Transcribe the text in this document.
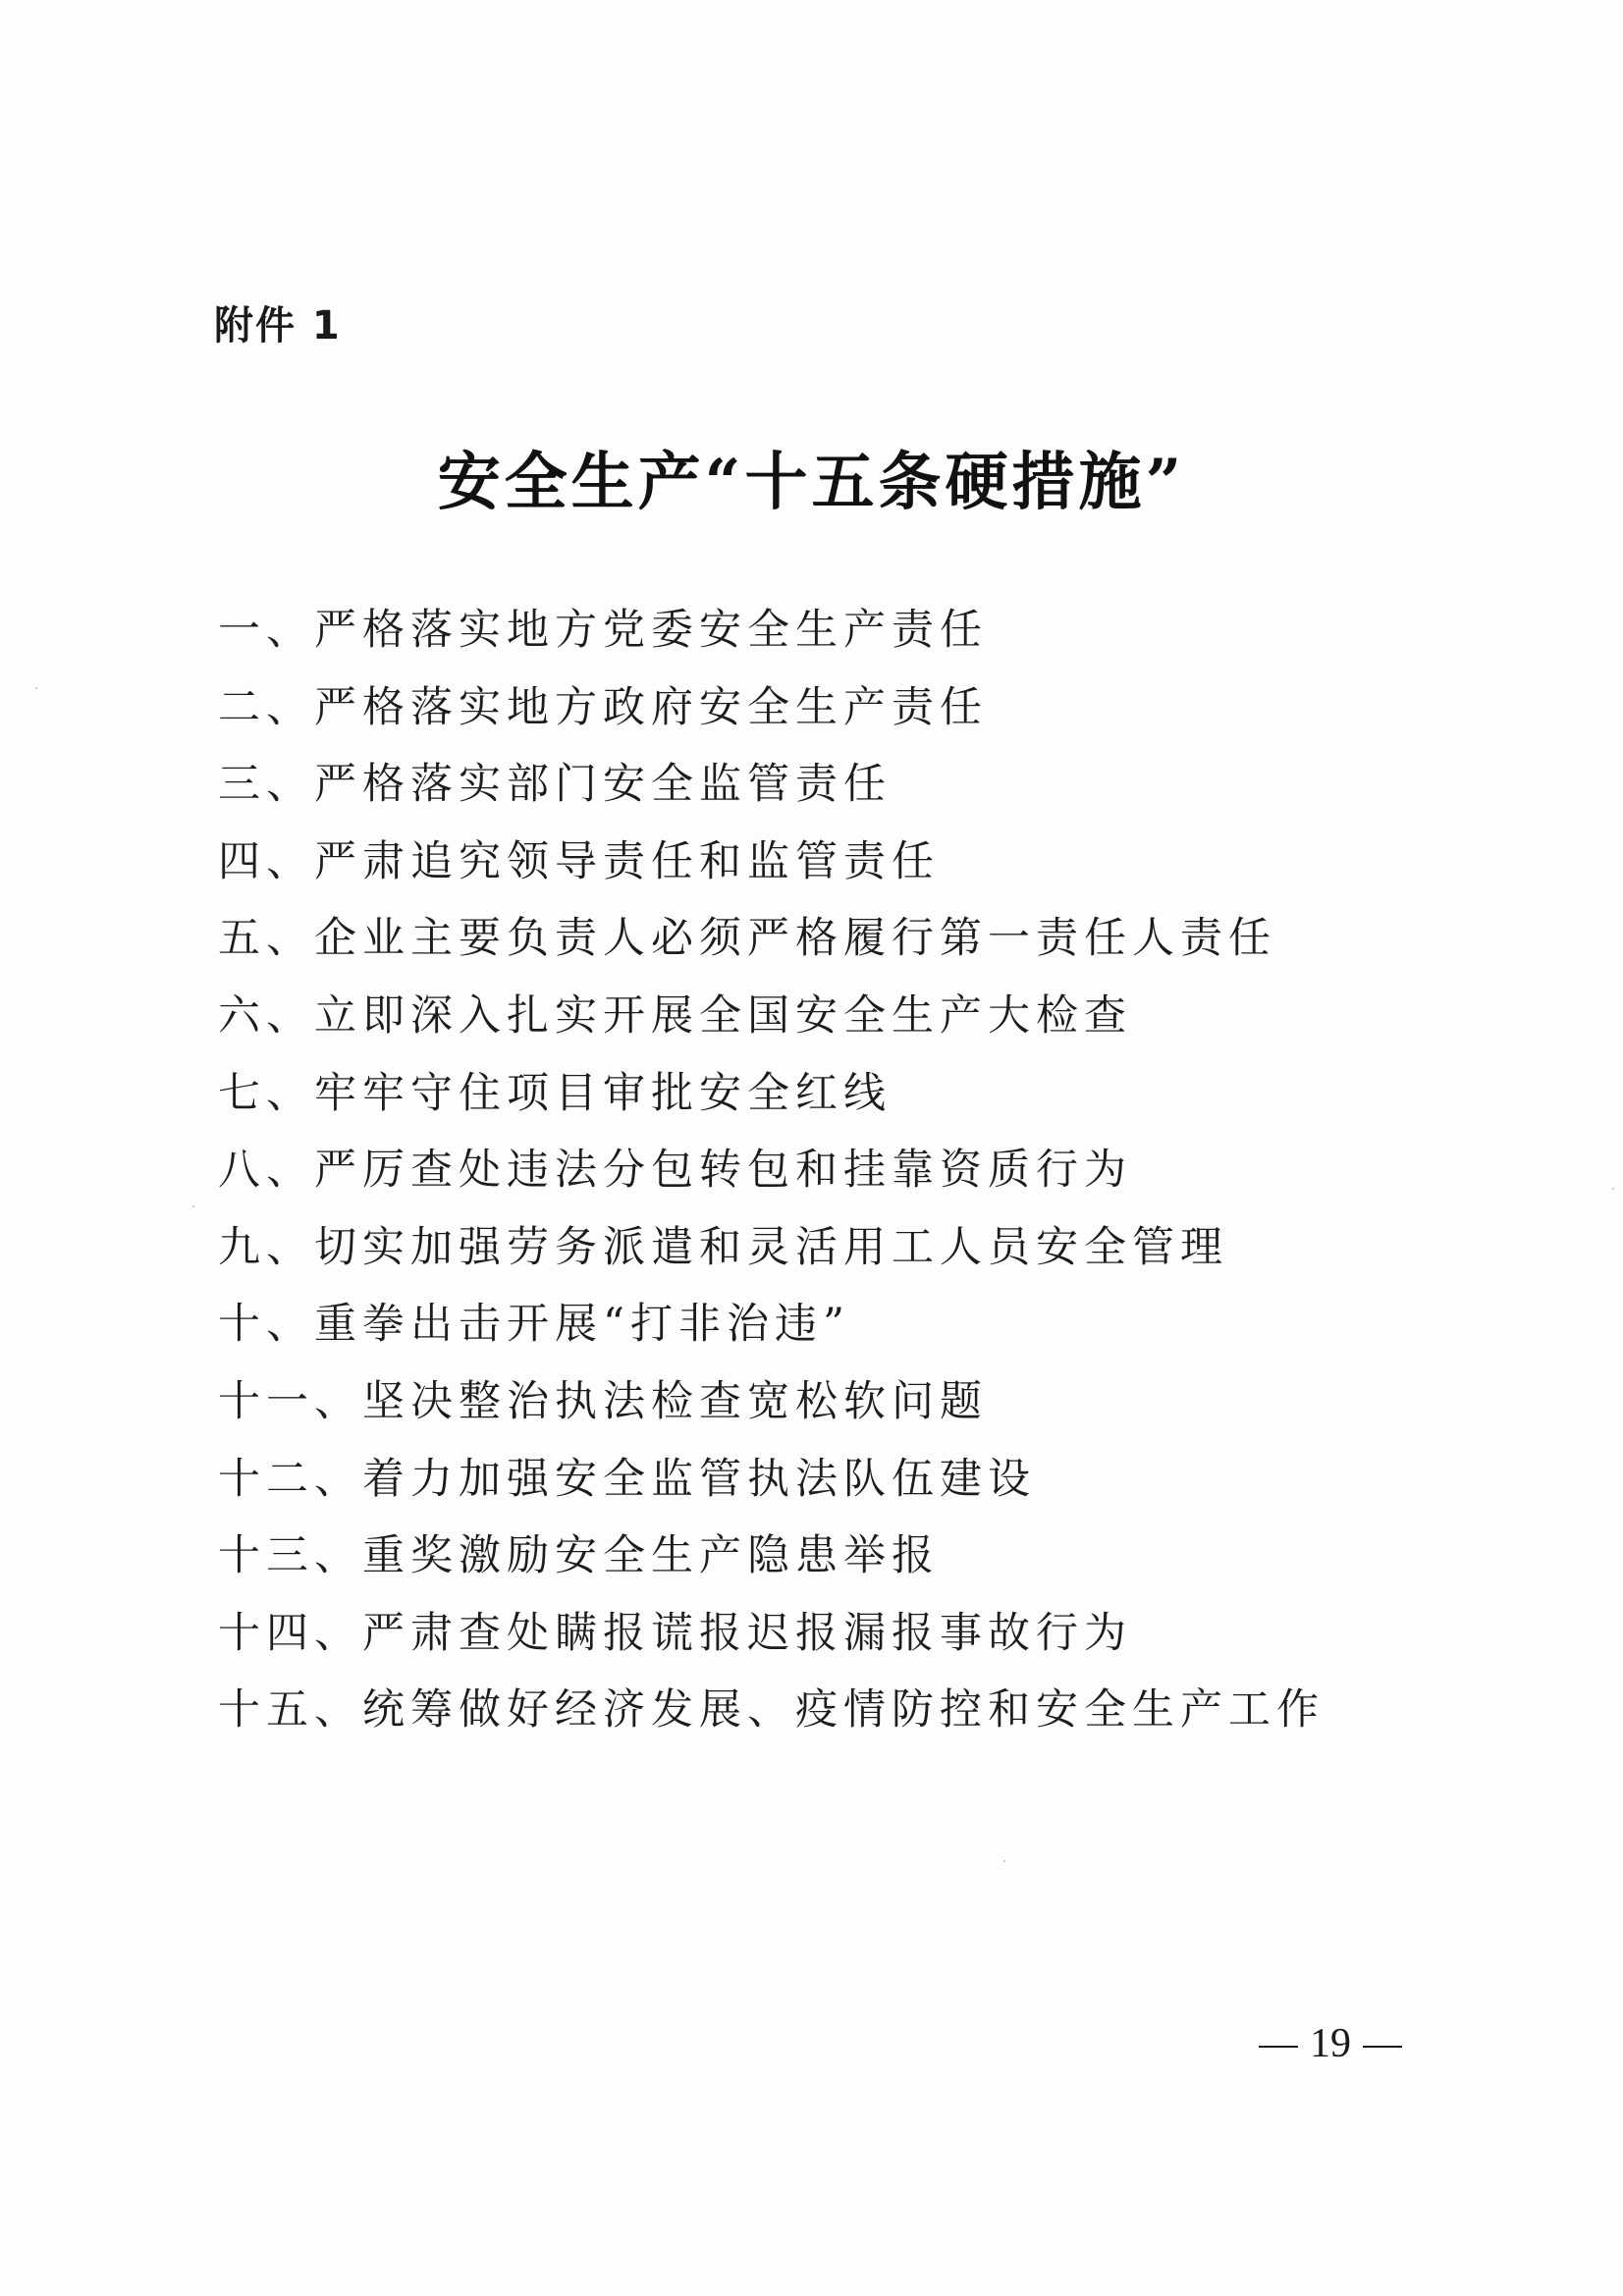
附件 1
安全生产“十五条硬措施”
一、严格落实地方党委安全生产责任
二、严格落实地方政府安全生产责任
三、严格落实部门安全监管责任
四、严肃追究领导责任和监管责任
五、企业主要负责人必须严格履行第一责任人责任
六、立即深入扎实开展全国安全生产大检查
七、牢牢守住项目审批安全红线
八、严厉查处违法分包转包和挂靠资质行为
九、切实加强劳务派遣和灵活用工人员安全管理
十、重拳出击开展“打非治违”
十一、坚决整治执法检查宽松软问题
十二、着力加强安全监管执法队伍建设
十三、重奖激励安全生产隐患举报
十四、严肃查处瞒报谎报迟报漏报事故行为
十五、统筹做好经济发展、疫情防控和安全生产工作
19
